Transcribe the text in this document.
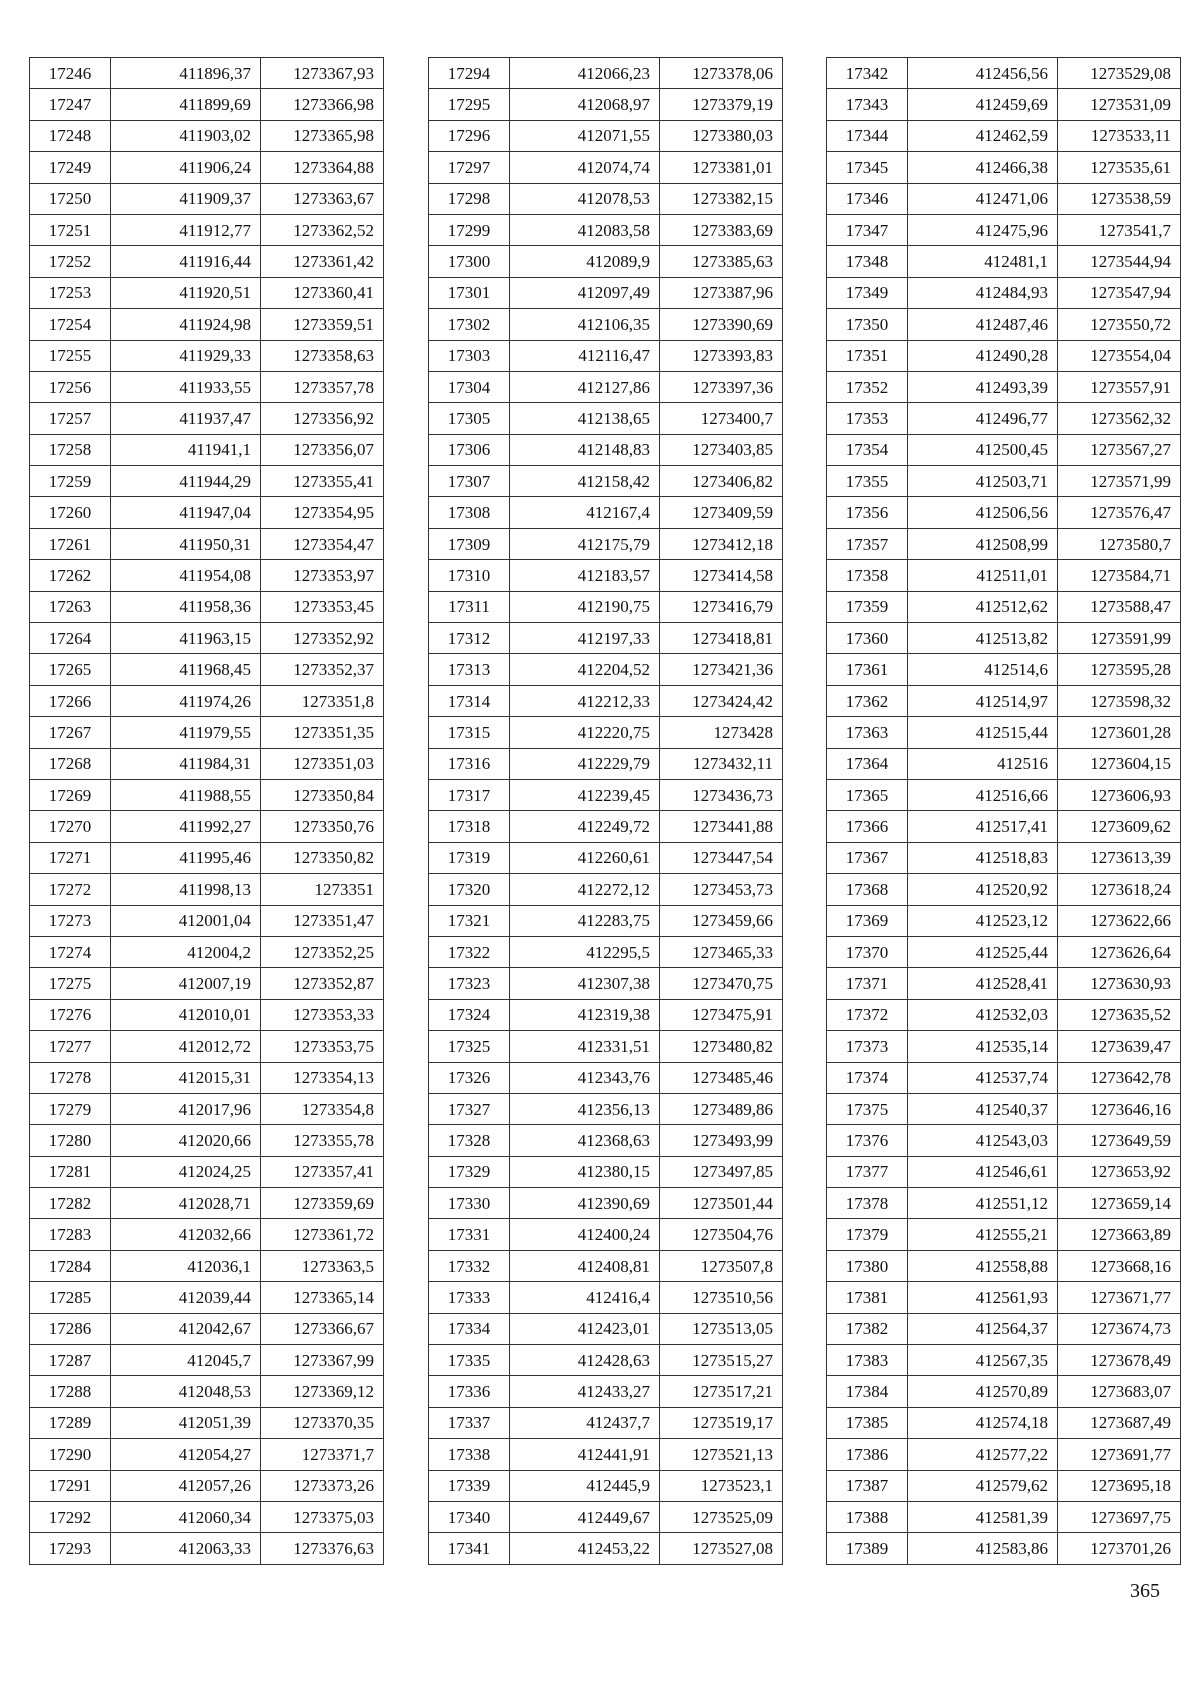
17246	411896,37	1273367,93
17247	411899,69	1273366,98
17248	411903,02	1273365,98
17249	411906,24	1273364,88
17250	411909,37	1273363,67
17251	411912,77	1273362,52
17252	411916,44	1273361,42
17253	411920,51	1273360,41
17254	411924,98	1273359,51
17255	411929,33	1273358,63
17256	411933,55	1273357,78
17257	411937,47	1273356,92
17258	411941,1	1273356,07
17259	411944,29	1273355,41
17260	411947,04	1273354,95
17261	411950,31	1273354,47
17262	411954,08	1273353,97
17263	411958,36	1273353,45
17264	411963,15	1273352,92
17265	411968,45	1273352,37
17266	411974,26	1273351,8
17267	411979,55	1273351,35
17268	411984,31	1273351,03
17269	411988,55	1273350,84
17270	411992,27	1273350,76
17271	411995,46	1273350,82
17272	411998,13	1273351
17273	412001,04	1273351,47
17274	412004,2	1273352,25
17275	412007,19	1273352,87
17276	412010,01	1273353,33
17277	412012,72	1273353,75
17278	412015,31	1273354,13
17279	412017,96	1273354,8
17280	412020,66	1273355,78
17281	412024,25	1273357,41
17282	412028,71	1273359,69
17283	412032,66	1273361,72
17284	412036,1	1273363,5
17285	412039,44	1273365,14
17286	412042,67	1273366,67
17287	412045,7	1273367,99
17288	412048,53	1273369,12
17289	412051,39	1273370,35
17290	412054,27	1273371,7
17291	412057,26	1273373,26
17292	412060,34	1273375,03
17293	412063,33	1273376,63
17294	412066,23	1273378,06
17295	412068,97	1273379,19
17296	412071,55	1273380,03
17297	412074,74	1273381,01
17298	412078,53	1273382,15
17299	412083,58	1273383,69
17300	412089,9	1273385,63
17301	412097,49	1273387,96
17302	412106,35	1273390,69
17303	412116,47	1273393,83
17304	412127,86	1273397,36
17305	412138,65	1273400,7
17306	412148,83	1273403,85
17307	412158,42	1273406,82
17308	412167,4	1273409,59
17309	412175,79	1273412,18
17310	412183,57	1273414,58
17311	412190,75	1273416,79
17312	412197,33	1273418,81
17313	412204,52	1273421,36
17314	412212,33	1273424,42
17315	412220,75	1273428
17316	412229,79	1273432,11
17317	412239,45	1273436,73
17318	412249,72	1273441,88
17319	412260,61	1273447,54
17320	412272,12	1273453,73
17321	412283,75	1273459,66
17322	412295,5	1273465,33
17323	412307,38	1273470,75
17324	412319,38	1273475,91
17325	412331,51	1273480,82
17326	412343,76	1273485,46
17327	412356,13	1273489,86
17328	412368,63	1273493,99
17329	412380,15	1273497,85
17330	412390,69	1273501,44
17331	412400,24	1273504,76
17332	412408,81	1273507,8
17333	412416,4	1273510,56
17334	412423,01	1273513,05
17335	412428,63	1273515,27
17336	412433,27	1273517,21
17337	412437,7	1273519,17
17338	412441,91	1273521,13
17339	412445,9	1273523,1
17340	412449,67	1273525,09
17341	412453,22	1273527,08
17342	412456,56	1273529,08
17343	412459,69	1273531,09
17344	412462,59	1273533,11
17345	412466,38	1273535,61
17346	412471,06	1273538,59
17347	412475,96	1273541,7
17348	412481,1	1273544,94
17349	412484,93	1273547,94
17350	412487,46	1273550,72
17351	412490,28	1273554,04
17352	412493,39	1273557,91
17353	412496,77	1273562,32
17354	412500,45	1273567,27
17355	412503,71	1273571,99
17356	412506,56	1273576,47
17357	412508,99	1273580,7
17358	412511,01	1273584,71
17359	412512,62	1273588,47
17360	412513,82	1273591,99
17361	412514,6	1273595,28
17362	412514,97	1273598,32
17363	412515,44	1273601,28
17364	412516	1273604,15
17365	412516,66	1273606,93
17366	412517,41	1273609,62
17367	412518,83	1273613,39
17368	412520,92	1273618,24
17369	412523,12	1273622,66
17370	412525,44	1273626,64
17371	412528,41	1273630,93
17372	412532,03	1273635,52
17373	412535,14	1273639,47
17374	412537,74	1273642,78
17375	412540,37	1273646,16
17376	412543,03	1273649,59
17377	412546,61	1273653,92
17378	412551,12	1273659,14
17379	412555,21	1273663,89
17380	412558,88	1273668,16
17381	412561,93	1273671,77
17382	412564,37	1273674,73
17383	412567,35	1273678,49
17384	412570,89	1273683,07
17385	412574,18	1273687,49
17386	412577,22	1273691,77
17387	412579,62	1273695,18
17388	412581,39	1273697,75
17389	412583,86	1273701,26
365
